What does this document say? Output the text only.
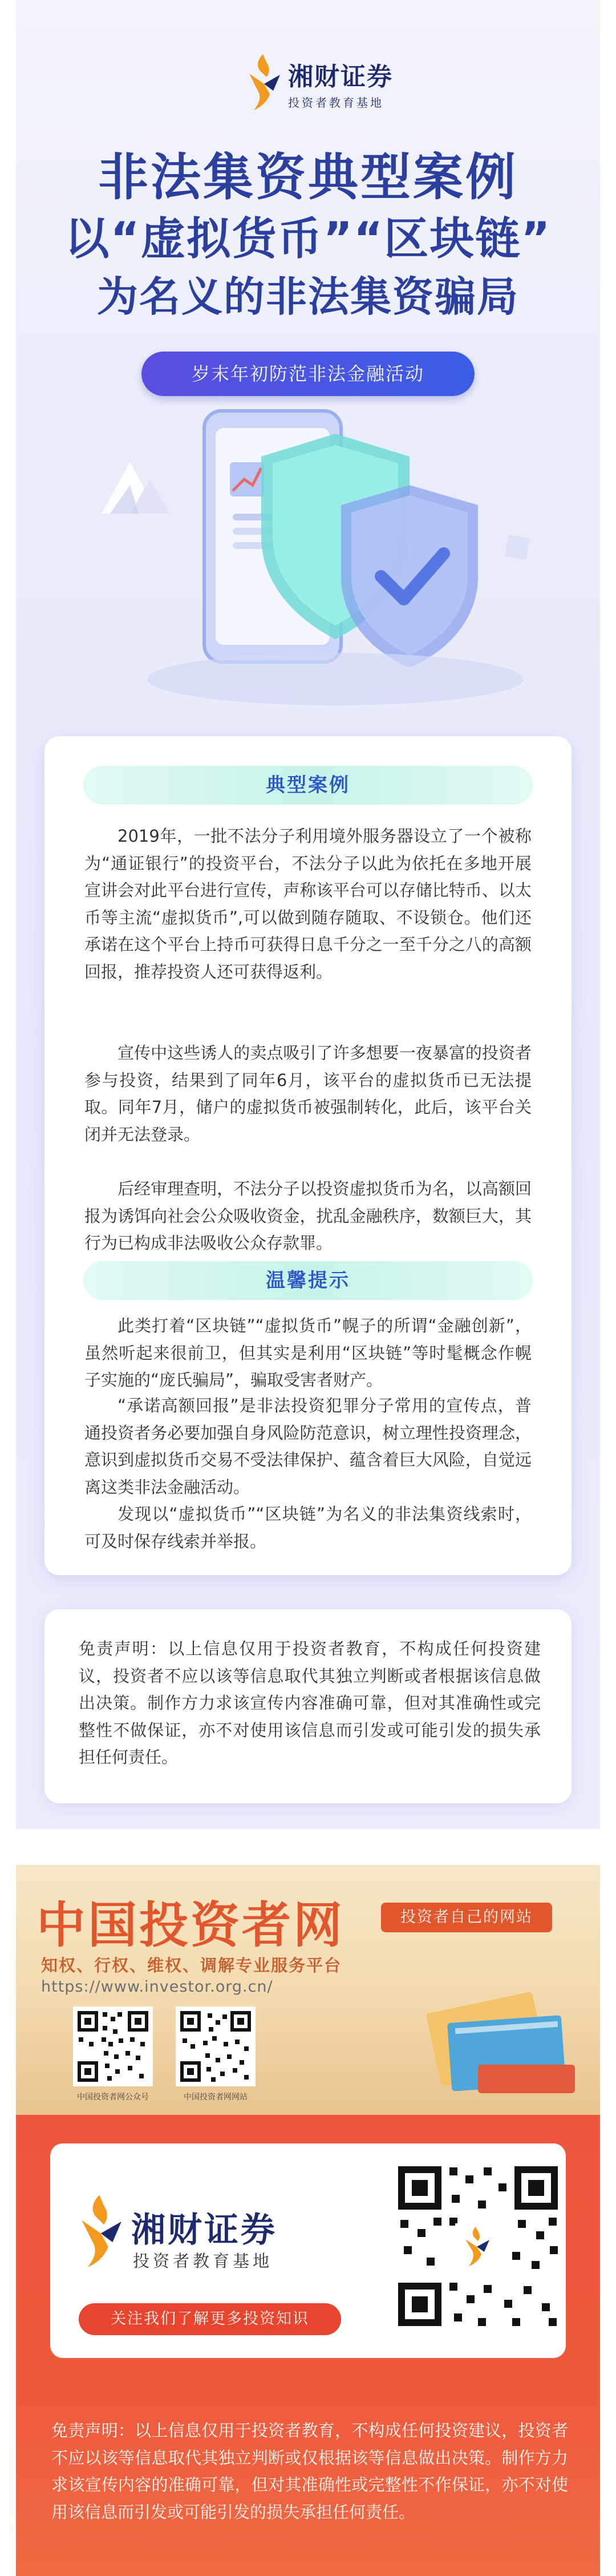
湘财证券
投资者教育基地
非法集资典型案例
以“虚拟货币”“区块链”
为名义的非法集资骗局
岁末年初防范非法金融活动
典型案例

2019年，一批不法分子利用境外服务器设立了一个被称为“通证银行”的投资平台，不法分子以此为依托在多地开展宣讲会对此平台进行宣传，声称该平台可以存储比特币、以太币等主流“虚拟货币”,可以做到随存随取、不设锁仓。他们还承诺在这个平台上持币可获得日息千分之一至千分之八的高额回报，推荐投资人还可获得返利。

宣传中这些诱人的卖点吸引了许多想要一夜暴富的投资者参与投资，结果到了同年6月，该平台的虚拟货币已无法提取。同年7月，储户的虚拟货币被强制转化，此后，该平台关闭并无法登录。

后经审理查明，不法分子以投资虚拟货币为名，以高额回报为诱饵向社会公众吸收资金，扰乱金融秩序，数额巨大，其行为已构成非法吸收公众存款罪。

温馨提示

此类打着“区块链”“虚拟货币”幌子的所谓“金融创新”，虽然听起来很前卫，但其实是利用“区块链”等时髦概念作幌子实施的“庞氏骗局”，骗取受害者财产。

“承诺高额回报”是非法投资犯罪分子常用的宣传点，普通投资者务必要加强自身风险防范意识，树立理性投资理念，意识到虚拟货币交易不受法律保护、蕴含着巨大风险，自觉远离这类非法金融活动。

发现以“虚拟货币”“区块链”为名义的非法集资线索时，可及时保存线索并举报。

免责声明：以上信息仅用于投资者教育，不构成任何投资建议，投资者不应以该等信息取代其独立判断或者根据该信息做出决策。制作方力求该宣传内容准确可靠，但对其准确性或完整性不做保证，亦不对使用该信息而引发或可能引发的损失承担任何责任。

中国投资者网	投资者自己的网站
知权、行权、维权、调解专业服务平台
https://www.investor.org.cn/
中国投资者网公众号	中国投资者网网站
湘财证券
投资者教育基地
关注我们了解更多投资知识

免责声明：以上信息仅用于投资者教育，不构成任何投资建议，投资者不应以该等信息取代其独立判断或仅根据该等信息做出决策。制作方力求该宣传内容的准确可靠，但对其准确性或完整性不作保证，亦不对使用该信息而引发或可能引发的损失承担任何责任。
